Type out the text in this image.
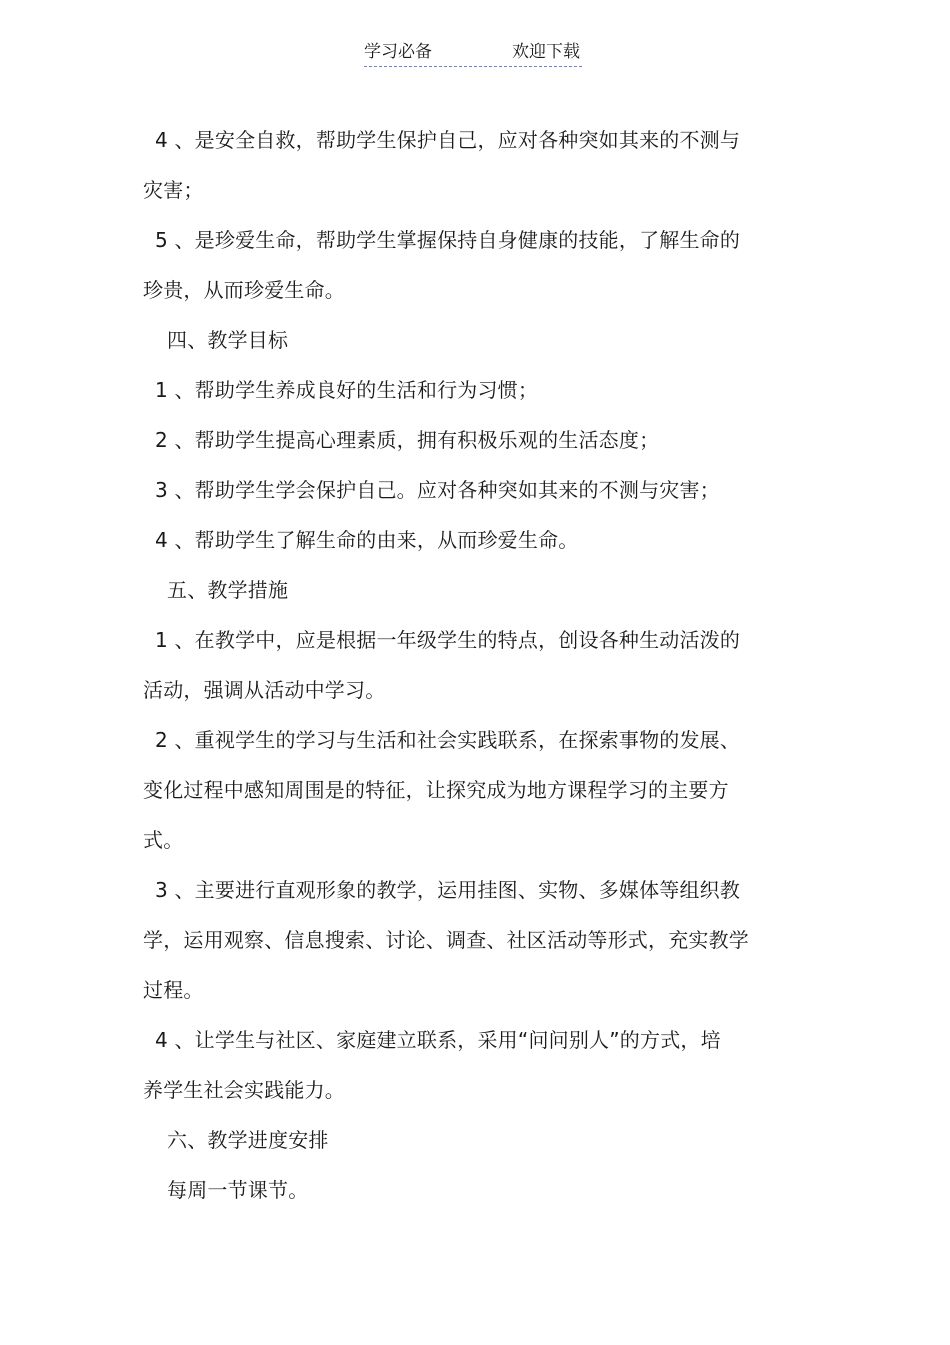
学习必备	欢迎下载

4 、是安全自救，帮助学生保护自己，应对各种突如其来的不测与

灾害；

5 、是珍爱生命，帮助学生掌握保持自身健康的技能，了解生命的

珍贵，从而珍爱生命。

四、教学目标

1 、帮助学生养成良好的生活和行为习惯；

2 、帮助学生提高心理素质，拥有积极乐观的生活态度；

3 、帮助学生学会保护自己。应对各种突如其来的不测与灾害；

4 、帮助学生了解生命的由来，从而珍爱生命。

五、教学措施

1 、在教学中，应是根据一年级学生的特点，创设各种生动活泼的

活动，强调从活动中学习。

2 、重视学生的学习与生活和社会实践联系，在探索事物的发展、

变化过程中感知周围是的特征，让探究成为地方课程学习的主要方

式。

3 、主要进行直观形象的教学，运用挂图、实物、多媒体等组织教

学，运用观察、信息搜索、讨论、调查、社区活动等形式，充实教学

过程。

4 、让学生与社区、家庭建立联系，采用“问问别人”的方式，培

养学生社会实践能力。

六、教学进度安排

每周一节课节。
